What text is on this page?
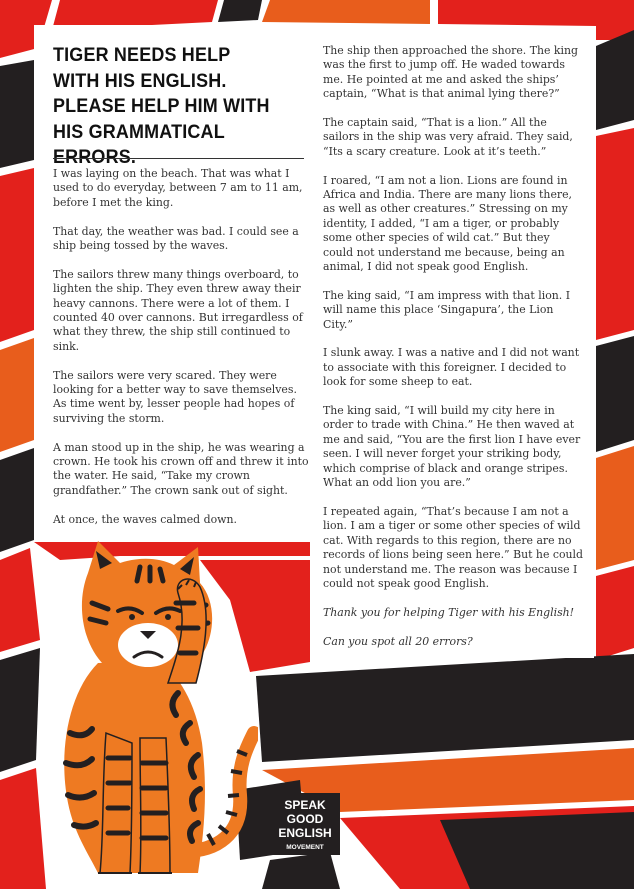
TIGER NEEDS HELP
WITH HIS ENGLISH.
PLEASE HELP HIM WITH
HIS GRAMMATICAL ERRORS.

I was laying on the beach. That was what I used to do everyday, between 7 am to 11 am, before I met the king.

That day, the weather was bad. I could see a ship being tossed by the waves.

The sailors threw many things overboard, to lighten the ship. They even threw away their heavy cannons. There were a lot of them. I counted 40 over cannons. But irregardless of what they threw, the ship still continued to sink.

The sailors were very scared. They were looking for a better way to save themselves. As time went by, lesser people had hopes of surviving the storm.

A man stood up in the ship, he was wearing a crown. He took his crown off and threw it into the water. He said, “Take my crown grandfather.” The crown sank out of sight.

At once, the waves calmed down.

The ship then approached the shore. The king was the first to jump off. He waded towards me. He pointed at me and asked the ships’ captain, “What is that animal lying there?”

The captain said, “That is a lion.” All the sailors in the ship was very afraid. They said, “Its a scary creature. Look at it’s teeth.”

I roared, “I am not a lion. Lions are found in Africa and India. There are many lions there, as well as other creatures.” Stressing on my identity, I added, “I am a tiger, or probably some other species of wild cat.” But they could not understand me because, being an animal, I did not speak good English.

The king said, “I am impress with that lion. I will name this place ‘Singapura’, the Lion City.”

I slunk away. I was a native and I did not want to associate with this foreigner. I decided to look for some sheep to eat.

The king said, “I will build my city here in order to trade with China.” He then waved at me and said, “You are the first lion I have ever seen. I will never forget your striking body, which comprise of black and orange stripes. What an odd lion you are.”

I repeated again, “That’s because I am not a lion. I am a tiger or some other species of wild cat. With regards to this region, there are no records of lions being seen here.” But he could not understand me. The reason was because I could not speak good English.

Thank you for helping Tiger with his English!

Can you spot all 20 errors?

SPEAK
GOOD
ENGLISH
MOVEMENT
